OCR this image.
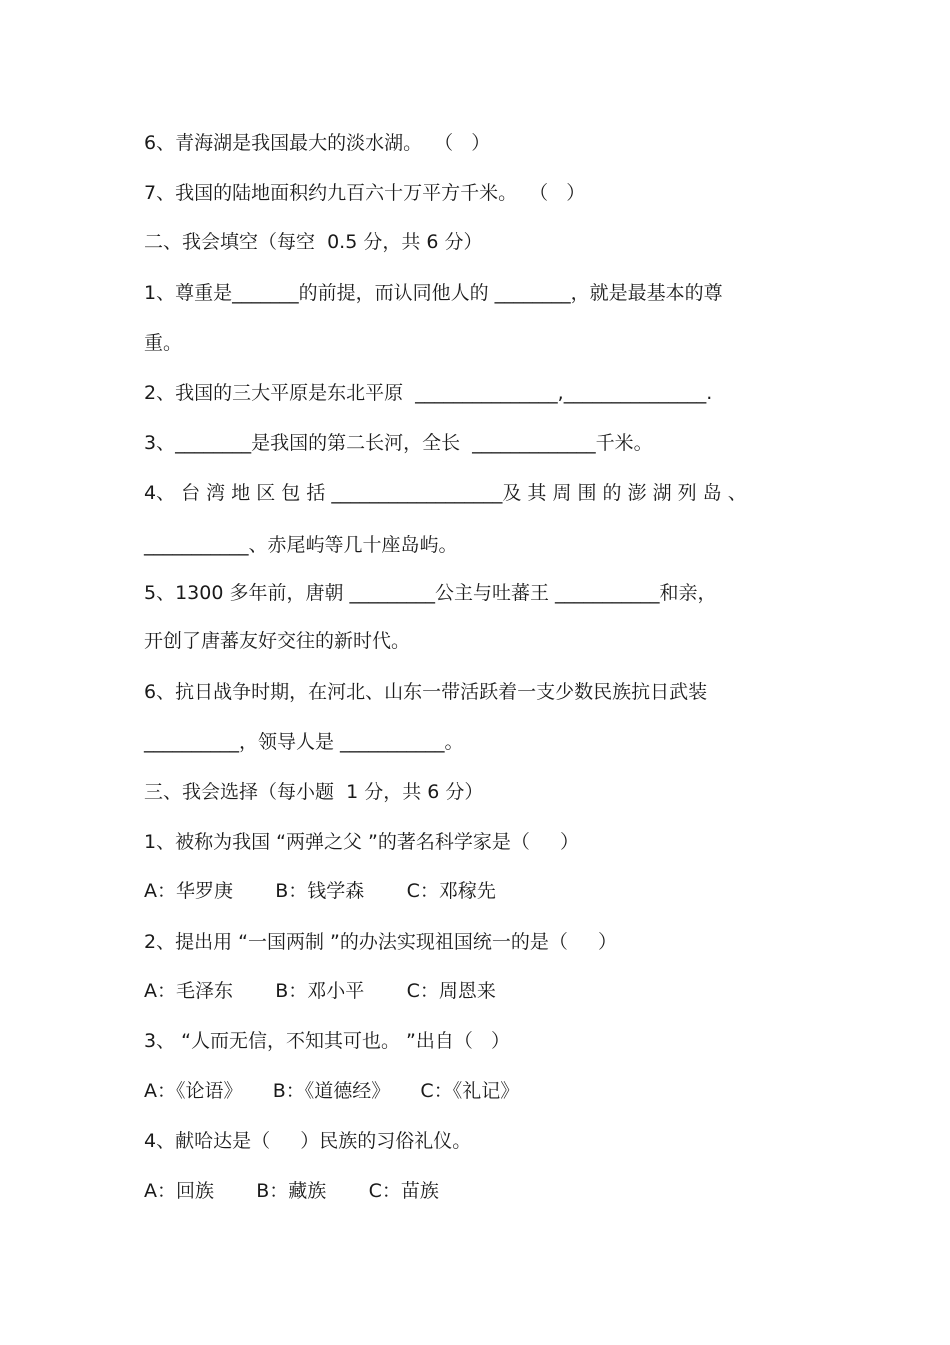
6、青海湖是我国最大的淡水湖。  （   ）
7、我国的陆地面积约九百六十万平方千米。  （   ）
二、我会填空（每空  0.5 分，共 6 分）
1、尊重是_______的前提，而认同他人的 ________，就是最基本的尊
重。
2、我国的三大平原是东北平原  _______________,_______________.
3、________是我国的第二长河，全长  _____________千米。
4、 台 湾 地 区 包 括 __________________及 其 周 围 的 澎 湖 列 岛 、
___________、赤尾屿等几十座岛屿。
5、1300 多年前，唐朝 _________公主与吐蕃王 ___________和亲，
开创了唐蕃友好交往的新时代。
6、抗日战争时期，在河北、山东一带活跃着一支少数民族抗日武装
__________，领导人是 ___________。
三、我会选择（每小题  1 分，共 6 分）
1、被称为我国 “两弹之父 ”的著名科学家是（     ）
A：华罗庚       B：钱学森       C：邓稼先
2、提出用 “一国两制 ”的办法实现祖国统一的是（     ）
A：毛泽东       B：邓小平       C：周恩来
3、 “人而无信，不知其可也。 ”出自（   ）
A：《论语》     B：《道德经》     C：《礼记》
4、献哈达是（     ）民族的习俗礼仪。
A：回族       B：藏族       C：苗族
